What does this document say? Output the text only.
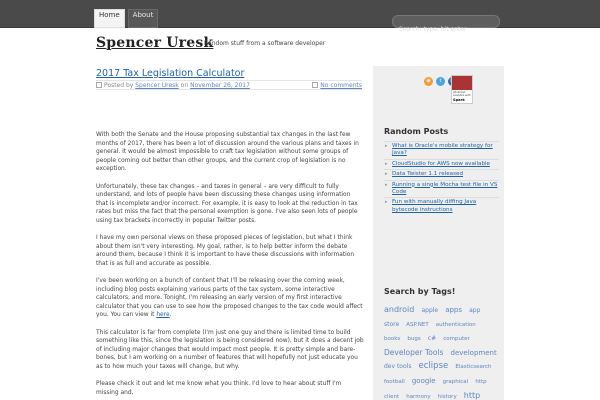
Home	About
Search: type, hit enter
Spencer Uresk
Random stuff from a software developer
2017 Tax Legislation Calculator
Posted by Spencer Uresk on November 26, 2017	No comments

With both the Senate and the House proposing substantial tax changes in the last few months of 2017, there has been a lot of discussion around the various plans and taxes in general. It would be almost impossible to craft tax legislation without some groups of people coming out better than other groups, and the current crop of legislation is no exception.

Unfortunately, these tax changes – and taxes in general – are very difficult to fully understand, and lots of people have been discussing these changes using information that is incomplete and/or incorrect. For example, it is easy to look at the reduction in tax rates but miss the fact that the personal exemption is gone. I've also seen lots of people using tax brackets incorrectly in popular Twitter posts.

I have my own personal views on these proposed pieces of legislation, but what I think about them isn't very interesting. My goal, rather, is to help better inform the debate around them, because I think it is important to have these discussions with information that is as full and accurate as possible.

I've been working on a bunch of content that I'll be releasing over the coming week, including blog posts explaining various parts of the tax system, some interactive calculators, and more. Tonight, I'm releasing an early version of my first interactive calculator that you can use to see how the proposed changes to the tax code would affect you. You can view it here.

This calculator is far from complete (I'm just one guy and there is limited time to build something like this, since the legislation is being considered now), but it does a decent job of including major changes that would impact most people. It is pretty simple and bare-bones, but I am working on a number of features that will hopefully not just educate you as to how much your taxes will change, but why.

Please check it out and let me know what you think. I'd love to hear about stuff I'm missing and,

◉	t
Advanced Analytics with
Spark
Random Posts
▸ What is Oracle's mobile strategy for Java?
▸ CloudStudio for AWS now available
▸ Data Twister 1.1 released
▸ Running a single Mocha test file in VS Code
▸ Fun with manually diffing Java bytecode instructions
Search by Tags!
android apple apps app store ASP.NET authentication books bugs c# computer Developer Tools development dev tools eclipse Elasticsearch football google graphical http client harmony history http
